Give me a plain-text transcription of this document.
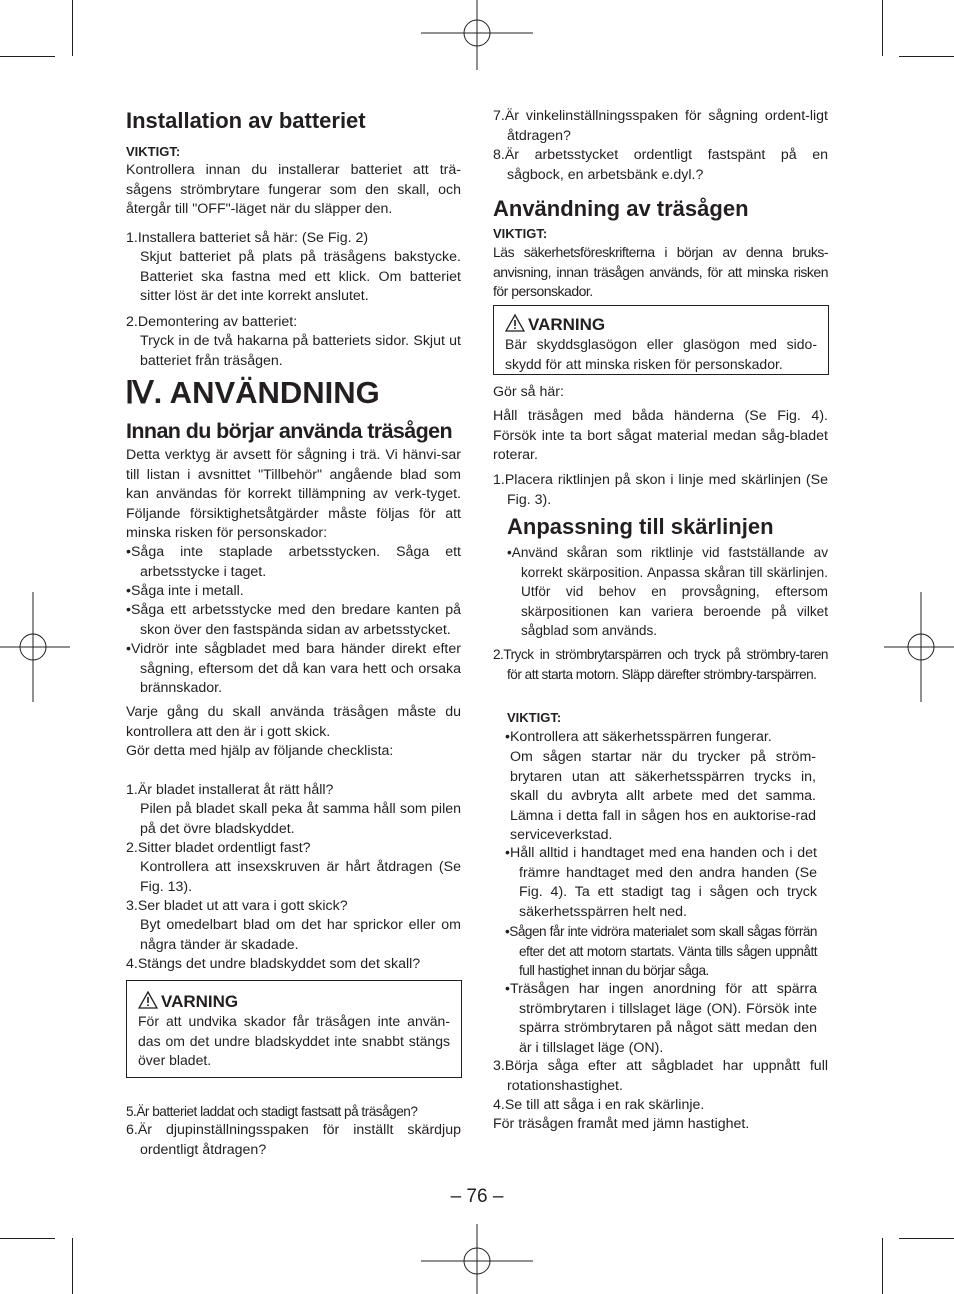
Installation av batteriet
VIKTIGT:
Kontrollera innan du installerar batteriet att trä-sågens strömbrytare fungerar som den skall, och återgår till "OFF"-läget när du släpper den.
1.Installera batteriet så här: (Se Fig. 2)
Skjut batteriet på plats på träsågens bakstycke. Batteriet ska fastna med ett klick. Om batteriet sitter löst är det inte korrekt anslutet.
2.Demontering av batteriet:
Tryck in de två hakarna på batteriets sidor. Skjut ut batteriet från träsågen.
Ⅳ. ANVÄNDNING
Innan du börjar använda träsågen
Detta verktyg är avsett för sågning i trä. Vi hänvi-sar till listan i avsnittet "Tillbehör" angående blad som kan användas för korrekt tillämpning av verk-tyget. Följande försiktighetsåtgärder måste följas för att minska risken för personskador:
•Såga inte staplade arbetsstycken. Såga ett arbetsstycke i taget.
•Såga inte i metall.
•Såga ett arbetsstycke med den bredare kanten på skon över den fastspända sidan av arbetsstycket.
•Vidrör inte sågbladet med bara händer direkt efter sågning, eftersom det då kan vara hett och orsaka brännskador.
Varje gång du skall använda träsågen måste du kontrollera att den är i gott skick.
Gör detta med hjälp av följande checklista:
1.Är bladet installerat åt rätt håll?
Pilen på bladet skall peka åt samma håll som pilen på det övre bladskyddet.
2.Sitter bladet ordentligt fast?
Kontrollera att insexskruven är hårt åtdragen (Se Fig. 13).
3.Ser bladet ut att vara i gott skick?
Byt omedelbart blad om det har sprickor eller om några tänder är skadade.
4.Stängs det undre bladskyddet som det skall?
VARNING
För att undvika skador får träsågen inte använ-das om det undre bladskyddet inte snabbt stängs över bladet.
5.Är batteriet laddat och stadigt fastsatt på träsågen?
6.Är djupinställningsspaken för inställt skärdjup ordentligt åtdragen?
7.Är vinkelinställningsspaken för sågning ordent-ligt åtdragen?
8.Är arbetsstycket ordentligt fastspänt på en sågbock, en arbetsbänk e.dyl.?
Användning av träsågen
VIKTIGT:
Läs säkerhetsföreskrifterna i början av denna bruks-anvisning, innan träsågen används, för att minska risken för personskador.
VARNING
Bär skyddsglasögon eller glasögon med sido-skydd för att minska risken för personskador.
Gör så här:
Håll träsågen med båda händerna (Se Fig. 4). Försök inte ta bort sågat material medan såg-bladet roterar.
1.Placera riktlinjen på skon i linje med skärlinjen (Se Fig. 3).
Anpassning till skärlinjen
•Använd skåran som riktlinje vid fastställande av korrekt skärposition. Anpassa skåran till skärlinjen. Utför vid behov en provsågning, eftersom skärpositionen kan variera beroende på vilket sågblad som används.
2.Tryck in strömbrytarspärren och tryck på strömbry-taren för att starta motorn. Släpp därefter strömbry-tarspärren.
VIKTIGT:
•Kontrollera att säkerhetsspärren fungerar.
Om sågen startar när du trycker på ström-brytaren utan att säkerhetsspärren trycks in, skall du avbryta allt arbete med det samma. Lämna i detta fall in sågen hos en auktorise-rad serviceverkstad.
•Håll alltid i handtaget med ena handen och i det främre handtaget med den andra handen (Se Fig. 4). Ta ett stadigt tag i sågen och tryck säkerhetsspärren helt ned.
•Sågen får inte vidröra materialet som skall sågas förrän efter det att motorn startats. Vänta tills sågen uppnått full hastighet innan du börjar såga.
•Träsågen har ingen anordning för att spärra strömbrytaren i tillslaget läge (ON). Försök inte spärra strömbrytaren på något sätt medan den är i tillslaget läge (ON).
3.Börja såga efter att sågbladet har uppnått full rotationshastighet.
4.Se till att såga i en rak skärlinje.
För träsågen framåt med jämn hastighet.
– 76 –
